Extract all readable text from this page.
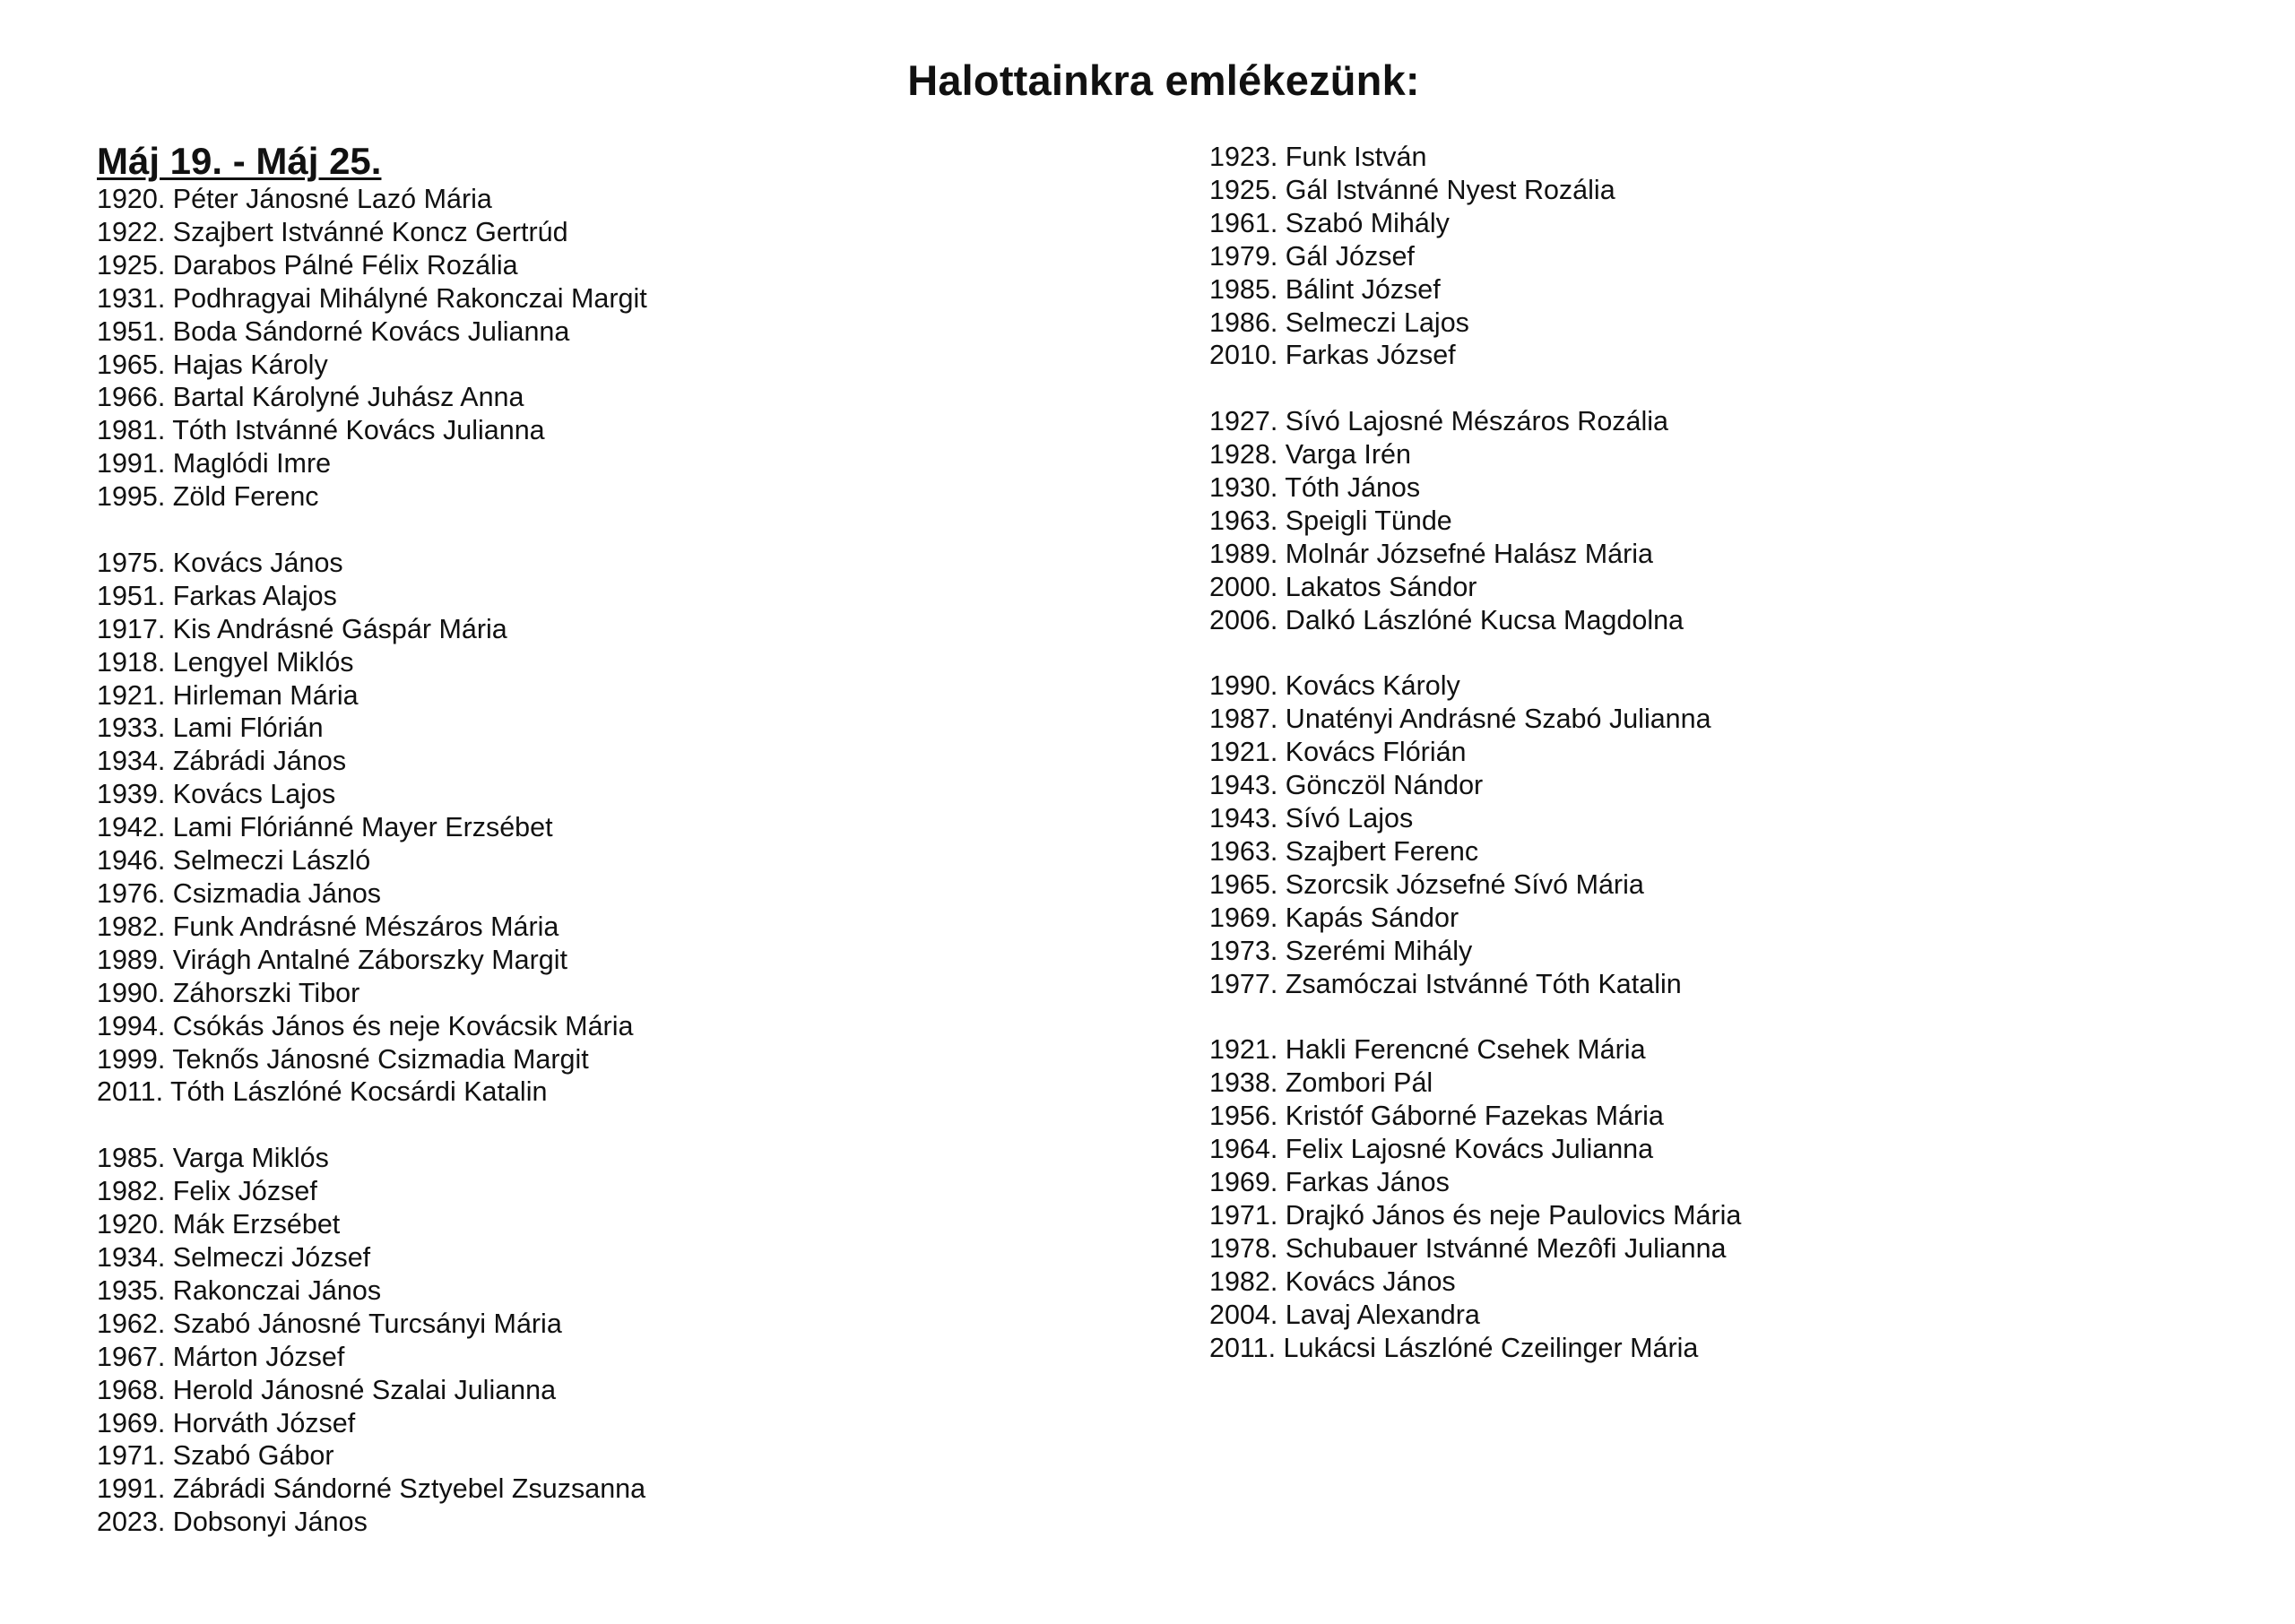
Halottainkra emlékezünk:
Máj 19. - Máj 25.
1920. Péter Jánosné Lazó Mária
1922. Szajbert Istvánné Koncz Gertrúd
1925. Darabos Pálné Félix Rozália
1931. Podhragyai Mihályné Rakonczai Margit
1951. Boda Sándorné Kovács Julianna
1965. Hajas Károly
1966. Bartal Károlyné Juhász Anna
1981. Tóth Istvánné Kovács Julianna
1991. Maglódi Imre
1995. Zöld Ferenc
1975. Kovács János
1951. Farkas Alajos
1917. Kis Andrásné Gáspár Mária
1918. Lengyel Miklós
1921. Hirleman Mária
1933. Lami Flórián
1934. Zábrádi János
1939. Kovács Lajos
1942. Lami Flóriánné Mayer Erzsébet
1946. Selmeczi László
1976. Csizmadia János
1982. Funk Andrásné Mészáros Mária
1989. Virágh Antalné Záborszky Margit
1990. Záhorszki Tibor
1994. Csókás János és neje Kovácsik Mária
1999. Teknős Jánosné Csizmadia Margit
2011. Tóth Lászlóné Kocsárdi Katalin
1985. Varga Miklós
1982. Felix József
1920. Mák Erzsébet
1934. Selmeczi József
1935. Rakonczai János
1962. Szabó Jánosné Turcsányi Mária
1967. Márton József
1968. Herold Jánosné Szalai Julianna
1969. Horváth József
1971. Szabó Gábor
1991. Zábrádi Sándorné Sztyebel Zsuzsanna
2023. Dobsonyi János
1923. Funk István
1925. Gál Istvánné Nyest Rozália
1961. Szabó Mihály
1979. Gál József
1985. Bálint József
1986. Selmeczi Lajos
2010. Farkas József
1927. Sívó Lajosné Mészáros Rozália
1928. Varga Irén
1930. Tóth János
1963. Speigli Tünde
1989. Molnár Józsefné Halász Mária
2000. Lakatos Sándor
2006. Dalkó Lászlóné Kucsa Magdolna
1990. Kovács Károly
1987. Unatényi Andrásné Szabó Julianna
1921. Kovács Flórián
1943. Gönczöl Nándor
1943. Sívó Lajos
1963. Szajbert Ferenc
1965. Szorcsik Józsefné Sívó Mária
1969. Kapás Sándor
1973. Szerémi Mihály
1977. Zsamóczai Istvánné Tóth Katalin
1921. Hakli Ferencné Csehek Mária
1938. Zombori Pál
1956. Kristóf Gáborné Fazekas Mária
1964. Felix Lajosné Kovács Julianna
1969. Farkas János
1971. Drajkó János és neje Paulovics Mária
1978. Schubauer Istvánné Mezôfi Julianna
1982. Kovács János
2004. Lavaj Alexandra
2011. Lukácsi Lászlóné Czeilinger Mária
